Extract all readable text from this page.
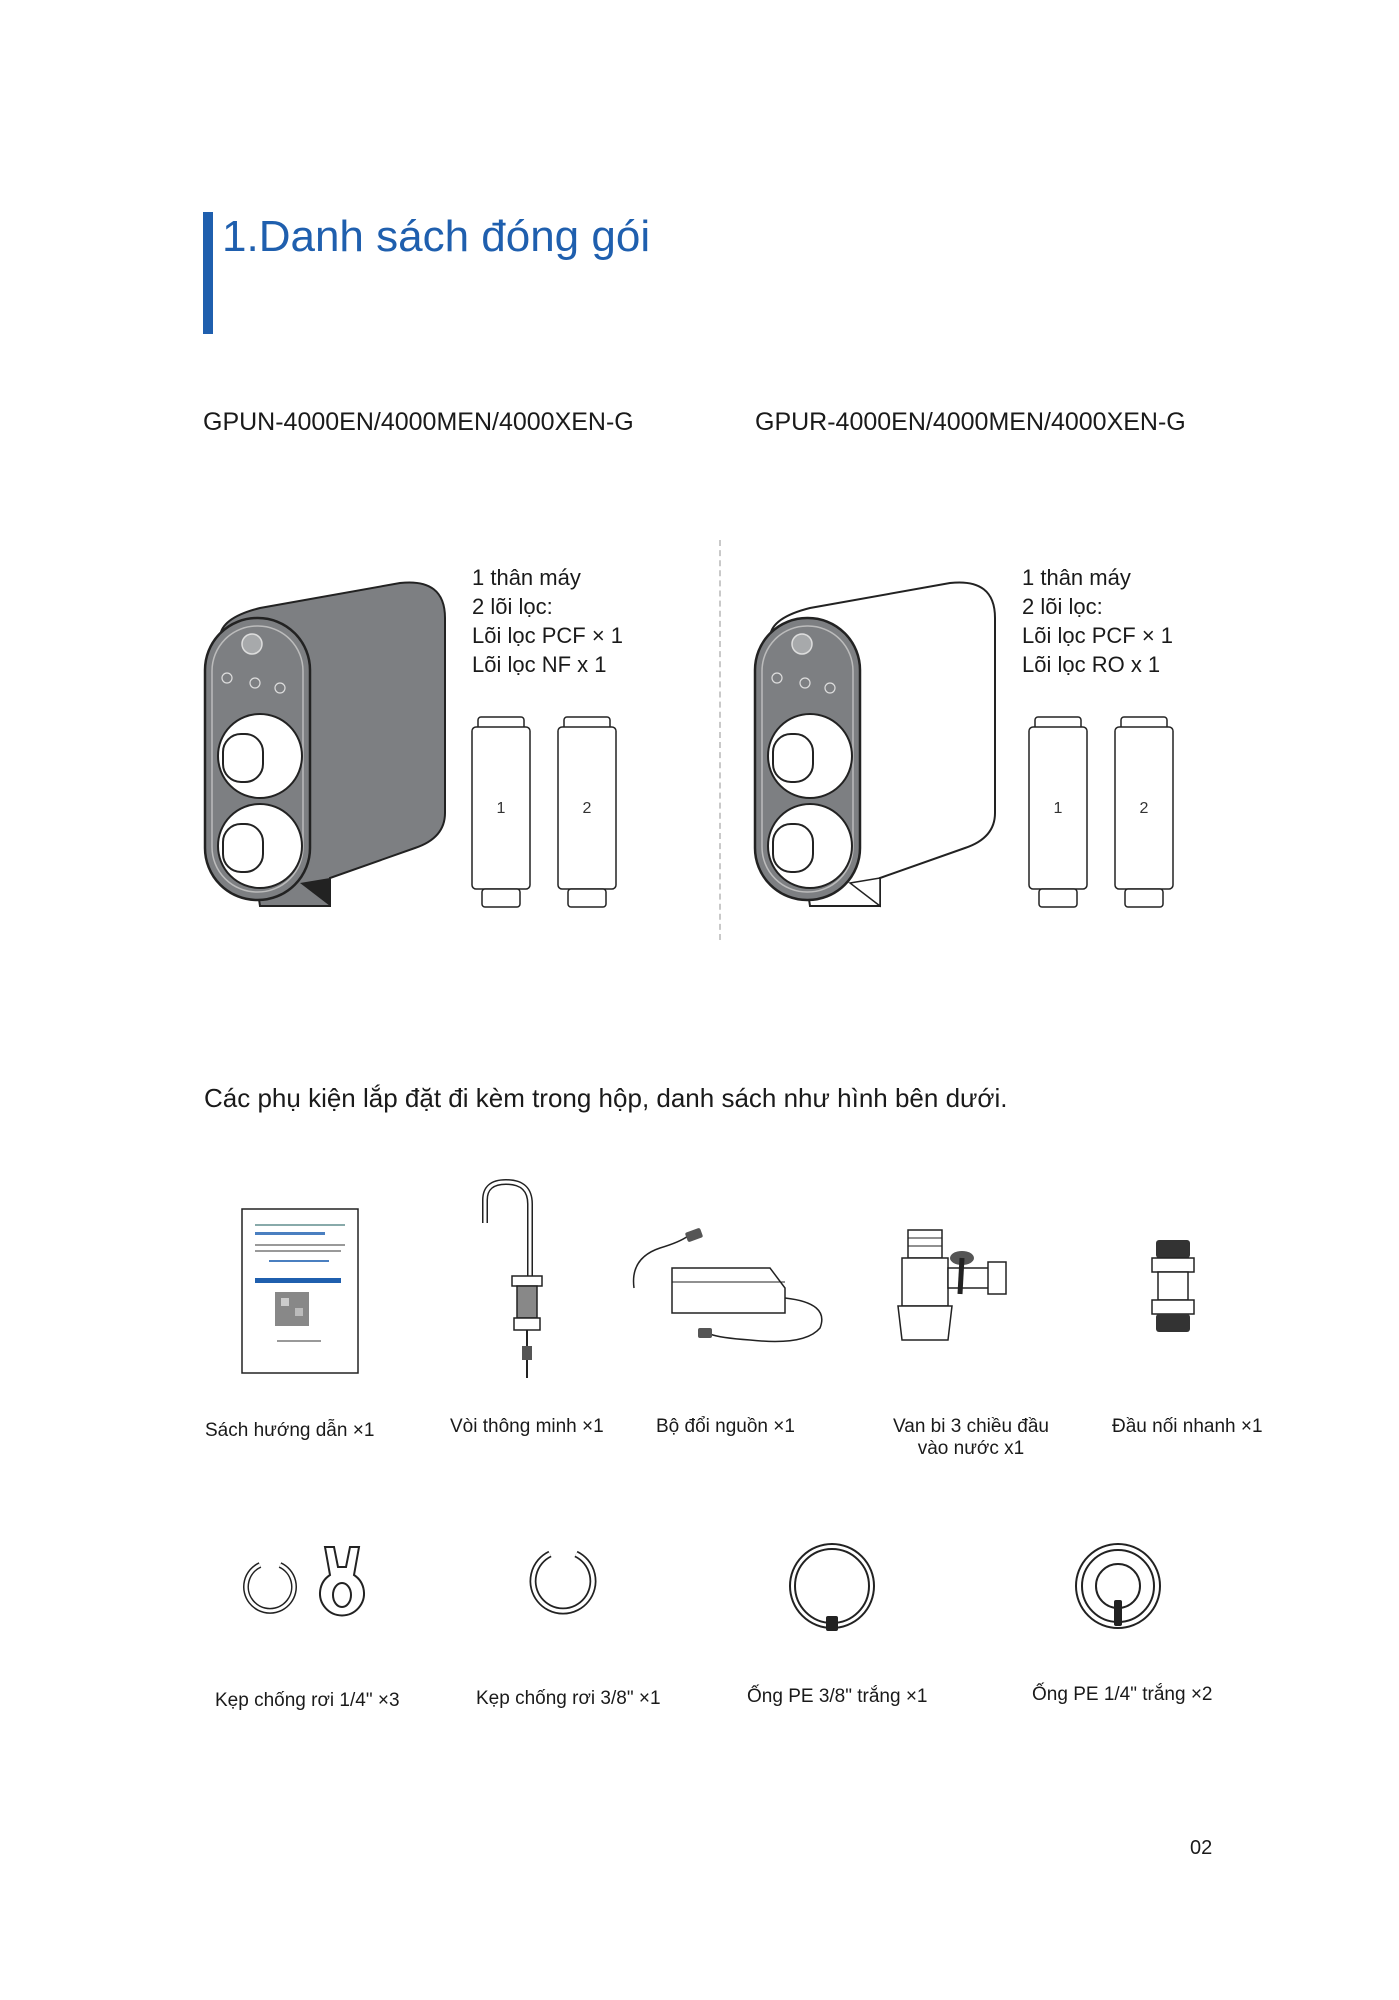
1.Danh sách đóng gói
GPUN-4000EN/4000MEN/4000XEN-G	GPUR-4000EN/4000MEN/4000XEN-G
1 thân máy
2 lõi lọc:
Lõi lọc PCF × 1
Lõi lọc NF x 1
1 thân máy
2 lõi lọc:
Lõi lọc PCF × 1
Lõi lọc RO x 1
1	2	1	2
Các phụ kiện lắp đặt đi kèm trong hộp, danh sách như hình bên dưới.
Sách hướng dẫn ×1	Vòi thông minh ×1	Bộ đổi nguồn ×1	Van bi 3 chiều đầu
vào nước x1
Đầu nối nhanh ×1
Kẹp chống rơi 1/4" ×3	Kẹp chống rơi 3/8" ×1	Ống PE 3/8" trắng ×1	Ống PE 1/4" trắng ×2
02
